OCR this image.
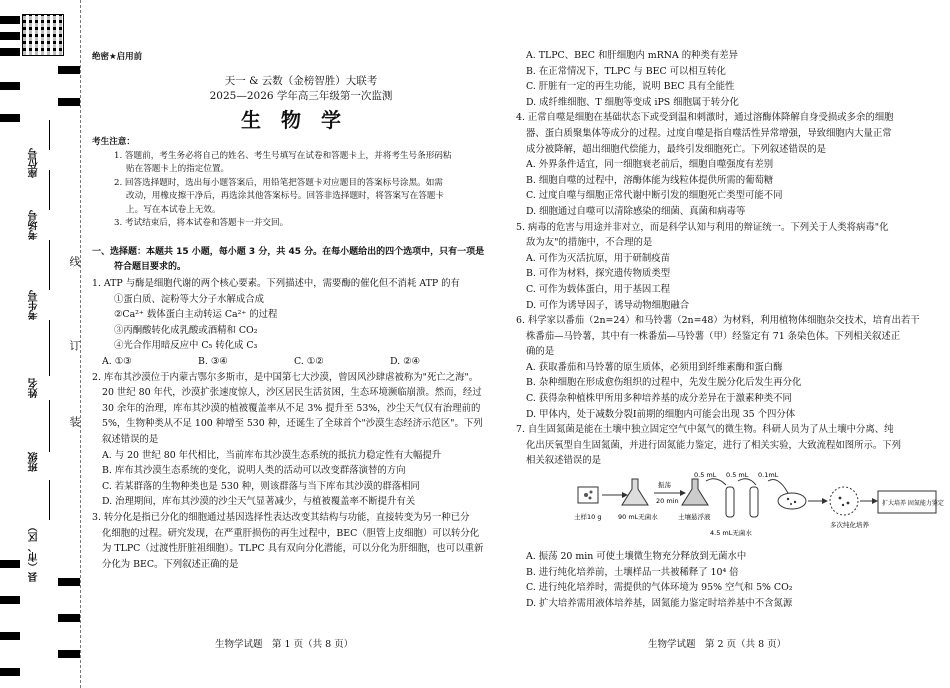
座位号
考场号
考生号
姓名
班级
县（市、区）
线
订
装

绝密★启用前

天一 & 云数（金榜智胜）大联考

2025—2026 学年高三年级第一次监测

生物学

考生注意：

1. 答题前，考生务必将自己的姓名、考生号填写在试卷和答题卡上，并将考生号条形码粘

贴在答题卡上的指定位置。

2. 回答选择题时，选出每小题答案后，用铅笔把答题卡对应题目的答案标号涂黑。如需

改动，用橡皮擦干净后，再选涂其他答案标号。回答非选择题时，将答案写在答题卡

上。写在本试卷上无效。

3. 考试结束后，将本试卷和答题卡一并交回。

一、选择题：本题共 15 小题，每小题 3 分，共 45 分。在每小题给出的四个选项中，只有一项是

符合题目要求的。

1. ATP 与酶是细胞代谢的两个核心要素。下列描述中，需要酶的催化但不消耗 ATP 的有

①蛋白质、淀粉等大分子水解成合成

②Ca²⁺ 载体蛋白主动转运 Ca²⁺ 的过程

③丙酮酸转化成乳酸或酒精和 CO₂

④光合作用暗反应中 C₅ 转化成 C₃

A. ①③	B. ③④	C. ①②	D. ②④

2. 库布其沙漠位于内蒙古鄂尔多斯市，是中国第七大沙漠，曾因风沙肆虐被称为"死亡之海"。

20 世纪 80 年代，沙漠扩张速度惊人，沙区居民生活贫困，生态环境濒临崩溃。然而，经过

30 余年的治理，库布其沙漠的植被覆盖率从不足 3% 提升至 53%，沙尘天气仅有治理前的

5%，生物种类从不足 100 种增至 530 种，还诞生了全球首个"沙漠生态经济示范区"。下列

叙述错误的是

A. 与 20 世纪 80 年代相比，当前库布其沙漠生态系统的抵抗力稳定性有大幅提升

B. 库布其沙漠生态系统的变化，说明人类的活动可以改变群落演替的方向

C. 若某群落的生物种类也是 530 种，则该群落与当下库布其沙漠的群落相同

D. 治理期间，库布其沙漠的沙尘天气显著减少，与植被覆盖率不断提升有关

3. 转分化是指已分化的细胞通过基因选择性表达改变其结构与功能，直接转变为另一种已分

化细胞的过程。研究发现，在严重肝损伤的再生过程中，BEC（胆管上皮细胞）可以转分化

为 TLPC（过渡性肝脏祖细胞）。TLPC 具有双向分化潜能，可以分化为肝细胞，也可以重新

分化为 BEC。下列叙述正确的是

生物学试题　第 1 页（共 8 页）

A. TLPC、BEC 和肝细胞内 mRNA 的种类有差异

B. 在正常情况下，TLPC 与 BEC 可以相互转化

C. 肝脏有一定的再生功能，说明 BEC 具有全能性

D. 成纤维细胞、T 细胞等变成 iPS 细胞属于转分化

4. 正常自噬是细胞在基础状态下或受到温和刺激时，通过溶酶体降解自身受损或多余的细胞

器、蛋白质聚集体等成分的过程。过度自噬是指自噬活性异常增强，导致细胞内大量正常

成分被降解，超出细胞代偿能力，最终引发细胞死亡。下列叙述错误的是

A. 外界条件适宜，同一细胞衰老前后，细胞自噬强度有差别

B. 细胞自噬的过程中，溶酶体能为线粒体提供所需的葡萄糖

C. 过度自噬与细胞正常代谢中断引发的细胞死亡类型可能不同

D. 细胞通过自噬可以清除感染的细菌、真菌和病毒等

5. 病毒的危害与用途并非对立，而是科学认知与利用的辩证统一。下列关于人类将病毒"化

敌为友"的措施中，不合理的是

A. 可作为灭活抗原，用于研制疫苗

B. 可作为材料，探究遗传物质类型

C. 可作为载体蛋白，用于基因工程

D. 可作为诱导因子，诱导动物细胞融合

6. 科学家以番茄（2n=24）和马铃薯（2n=48）为材料，利用植物体细胞杂交技术，培育出若干

株番茄—马铃薯，其中有一株番茄—马铃薯（甲）经鉴定有 71 条染色体。下列相关叙述正

确的是

A. 获取番茄和马铃薯的原生质体，必须用到纤维素酶和蛋白酶

B. 杂种细胞在形成愈伤组织的过程中，先发生脱分化后发生再分化

C. 获得杂种植株甲所用多种培养基的成分差异在于激素种类不同

D. 甲体内，处于减数分裂Ⅰ前期的细胞内可能会出现 35 个四分体

7. 自生固氮菌是能在土壤中独立固定空气中氮气的微生物。科研人员为了从土壤中分离、纯

化出厌氧型自生固氮菌，并进行固氮能力鉴定，进行了相关实验，大致流程如图所示。下列

相关叙述错误的是

土样10 g	90 mL无菌水
振荡
20 min
土壤悬浮液
0.5 mL 0.5 mL 0.1mL
4.5 mL无菌水
多次纯化培养
扩大培养 固氮能力鉴定

A. 振荡 20 min 可使土壤微生物充分释放到无菌水中

B. 进行纯化培养前，土壤样品一共被稀释了 10⁴ 倍

C. 进行纯化培养时，需提供的气体环境为 95% 空气和 5% CO₂

D. 扩大培养需用液体培养基，固氮能力鉴定时培养基中不含氮源

生物学试题　第 2 页（共 8 页）
